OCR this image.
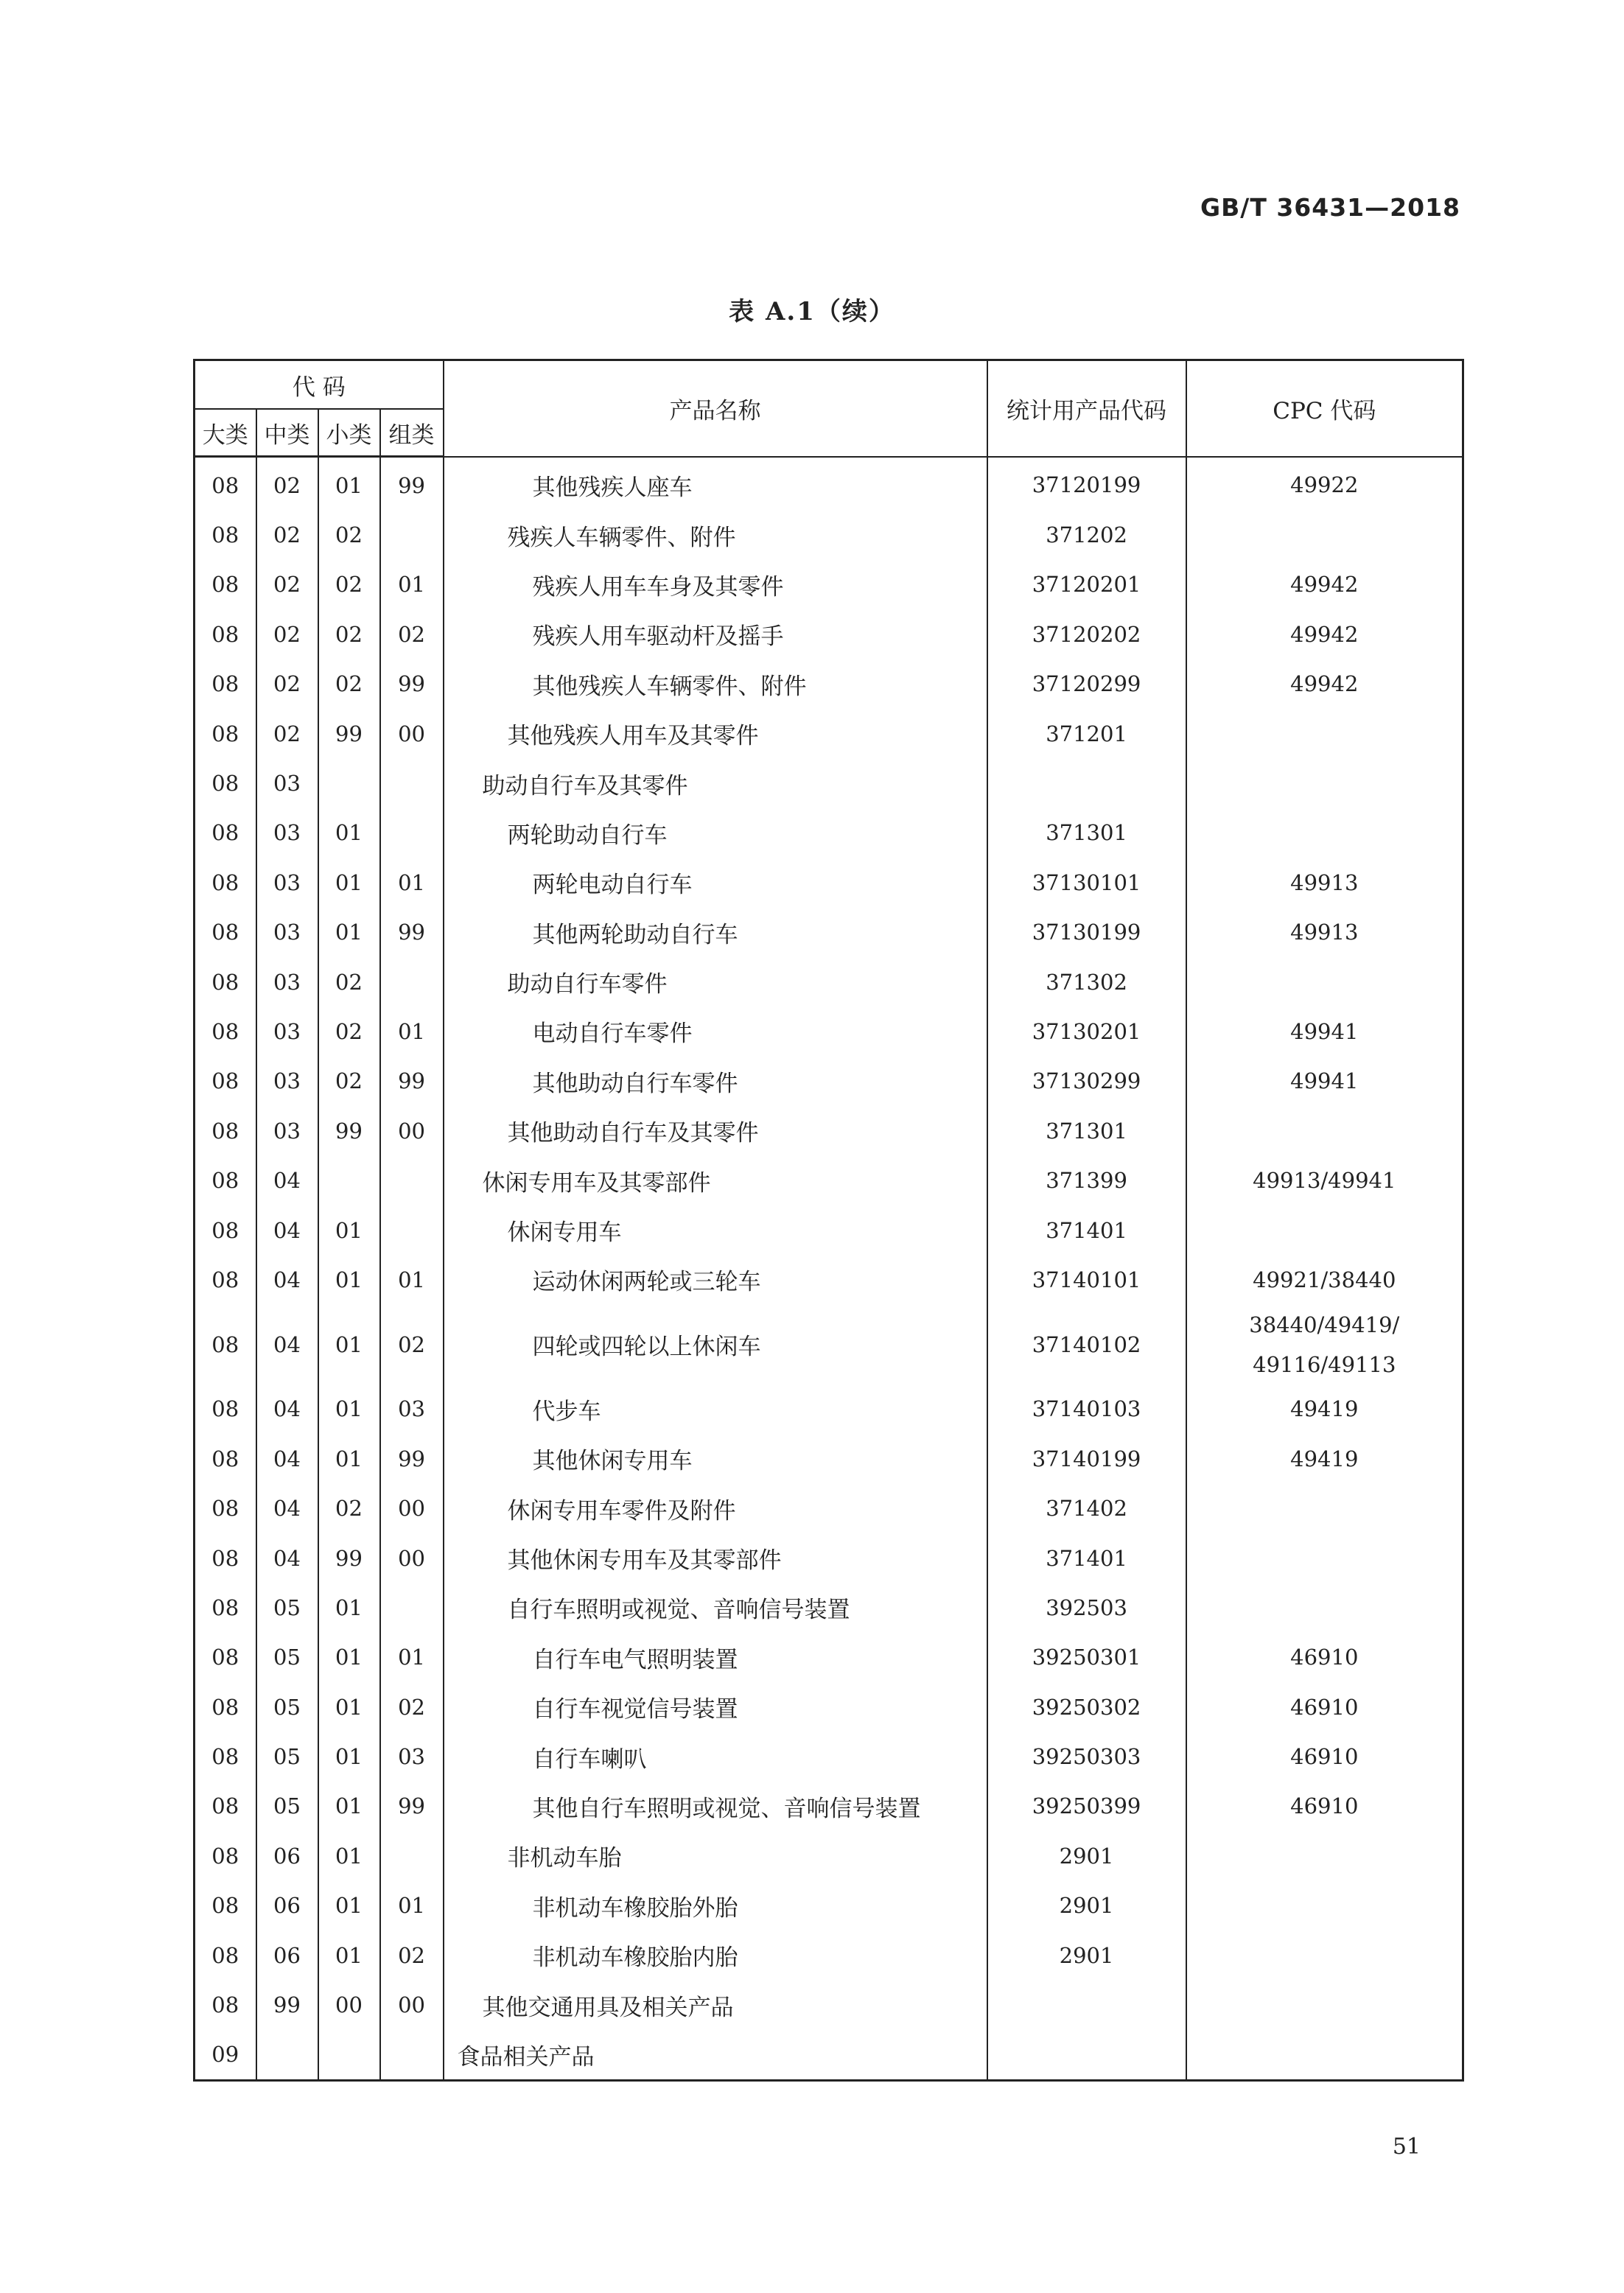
GB/T 36431—2018
表 A.1（续）
代 码				产品名称	统计用产品代码	CPC 代码
大类	中类	小类	组类			
08	02	01	99	其他残疾人座车	37120199	49922
08	02	02		残疾人车辆零件、附件	371202	
08	02	02	01	残疾人用车车身及其零件	37120201	49942
08	02	02	02	残疾人用车驱动杆及摇手	37120202	49942
08	02	02	99	其他残疾人车辆零件、附件	37120299	49942
08	02	99	00	其他残疾人用车及其零件	371201	
08	03			助动自行车及其零件		
08	03	01		两轮助动自行车	371301	
08	03	01	01	两轮电动自行车	37130101	49913
08	03	01	99	其他两轮助动自行车	37130199	49913
08	03	02		助动自行车零件	371302	
08	03	02	01	电动自行车零件	37130201	49941
08	03	02	99	其他助动自行车零件	37130299	49941
08	03	99	00	其他助动自行车及其零件	371301	
08	04			休闲专用车及其零部件	371399	49913/49941
08	04	01		休闲专用车	371401	
08	04	01	01	运动休闲两轮或三轮车	37140101	49921/38440
08	04	01	02	四轮或四轮以上休闲车	37140102	38440/49419/
49116/49113

08	04	01	03	代步车	37140103	49419
08	04	01	99	其他休闲专用车	37140199	49419
08	04	02	00	休闲专用车零件及附件	371402	
08	04	99	00	其他休闲专用车及其零部件	371401	
08	05	01		自行车照明或视觉、音响信号装置	392503	
08	05	01	01	自行车电气照明装置	39250301	46910
08	05	01	02	自行车视觉信号装置	39250302	46910
08	05	01	03	自行车喇叭	39250303	46910
08	05	01	99	其他自行车照明或视觉、音响信号装置	39250399	46910
08	06	01		非机动车胎	2901	
08	06	01	01	非机动车橡胶胎外胎	2901	
08	06	01	02	非机动车橡胶胎内胎	2901	
08	99	00	00	其他交通用具及相关产品		
09				食品相关产品		
51
